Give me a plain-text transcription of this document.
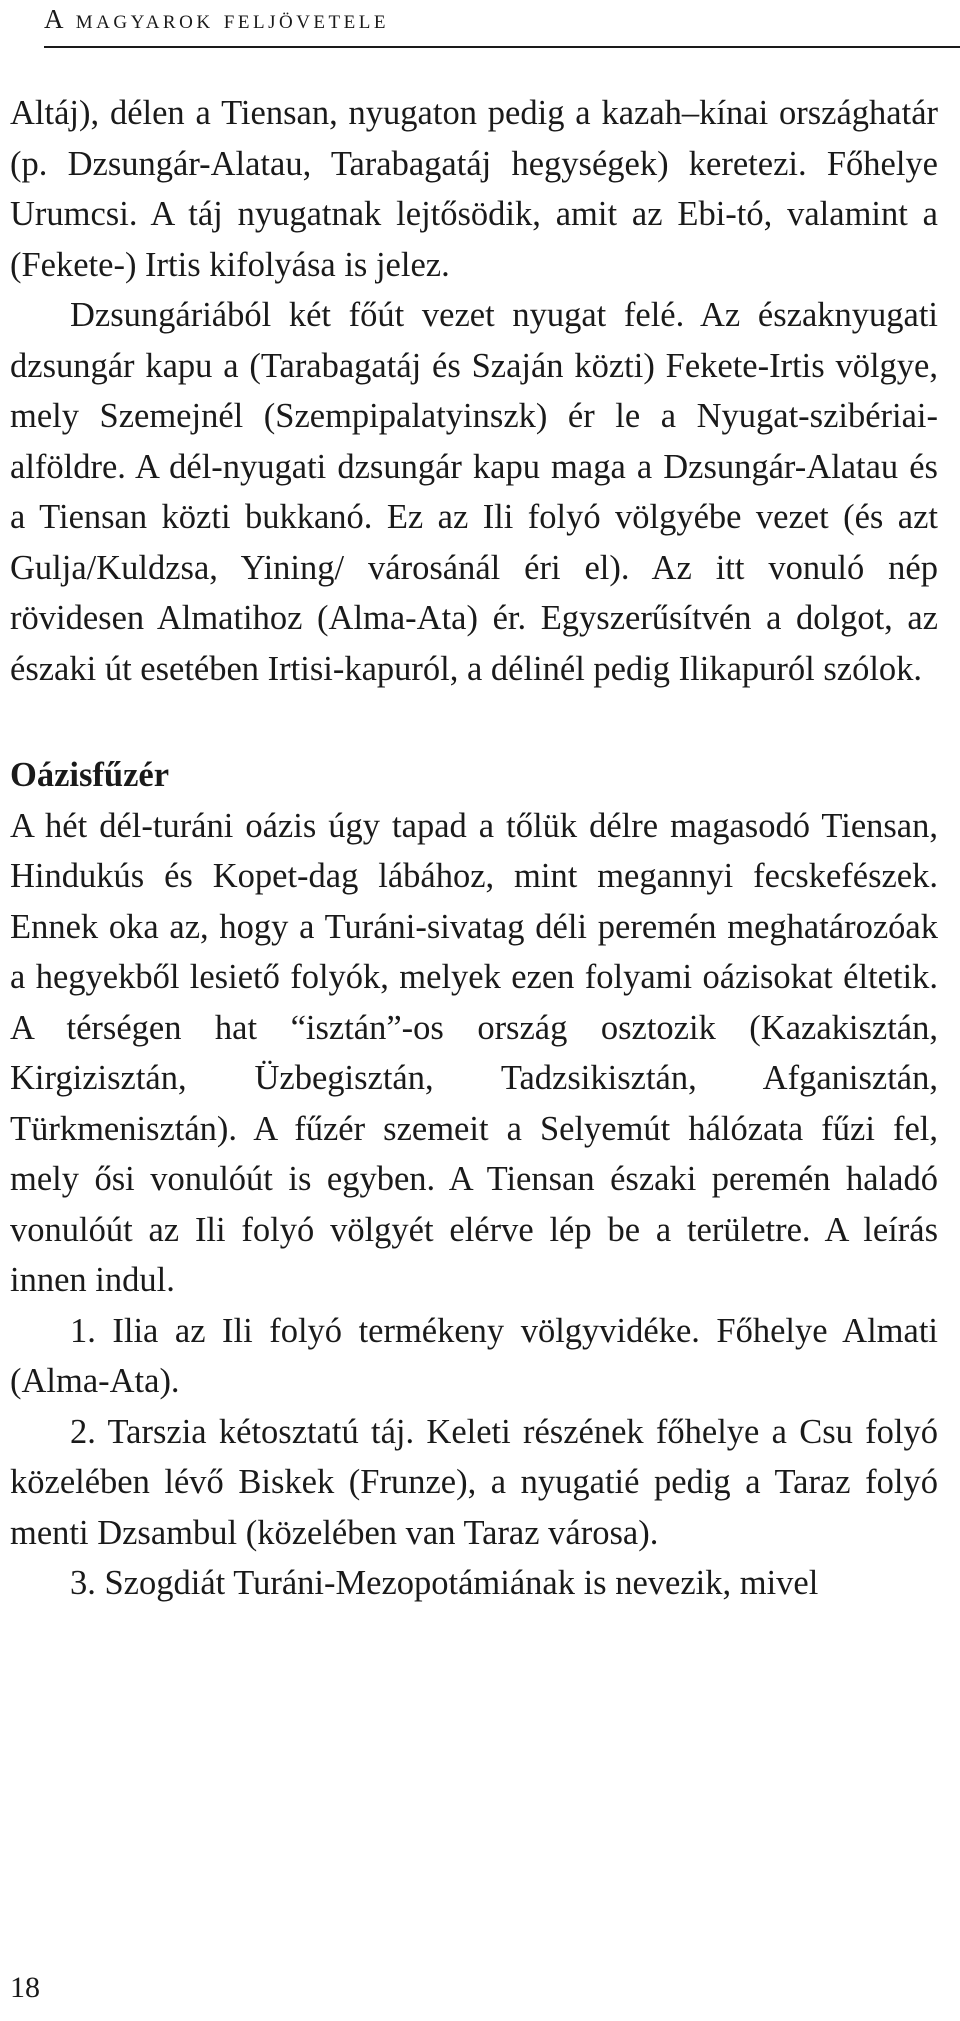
A magyarok feljövetele

Altáj), délen a Tiensan, nyugaton pedig a kazah–kínai országhatár (p. Dzsungár-Alatau, Tarabagatáj hegységek) keretezi. Főhelye Urumcsi. A táj nyugatnak lejtősödik, amit az Ebi-tó, valamint a (Fekete-) Irtis kifolyása is jelez.

Dzsungáriából két főút vezet nyugat felé. Az északnyugati dzsungár kapu a (Tarabagatáj és Szaján közti) Fekete-Irtis völgye, mely Szemejnél (Szempipalatyinszk) ér le a Nyugat-szibériai-alföldre. A dél-nyugati dzsungár kapu maga a Dzsungár-Alatau és a Tiensan közti bukkanó. Ez az Ili folyó völgyébe vezet (és azt Gulja/Kuldzsa, Yining/ városánál éri el). Az itt vonuló nép rövidesen Almatihoz (Alma-Ata) ér. Egyszerűsítvén a dolgot, az északi út esetében Irtisi-kapuról, a délinél pedig Ilikapuról szólok.

Oázisfűzér

A hét dél-turáni oázis úgy tapad a tőlük délre magasodó Tiensan, Hindukús és Kopet-dag lábához, mint megannyi fecskefészek. Ennek oka az, hogy a Turáni-sivatag déli peremén meghatározóak a hegyekből lesiető folyók, melyek ezen folyami oázisokat éltetik. A térségen hat “isztán”-os ország osztozik (Kazakisztán, Kirgizisztán, Üzbegisztán, Tadzsikisztán, Afganisztán, Türkmenisztán). A fűzér szemeit a Selyemút hálózata fűzi fel, mely ősi vonulóút is egyben. A Tiensan északi peremén haladó vonulóút az Ili folyó völgyét elérve lép be a területre. A leírás innen indul.

1. Ilia az Ili folyó termékeny völgyvidéke. Főhelye Almati (Alma-Ata).

2. Tarszia kétosztatú táj. Keleti részének főhelye a Csu folyó közelében lévő Biskek (Frunze), a nyugatié pedig a Taraz folyó menti Dzsambul (közelében van Taraz városa).

3. Szogdiát Turáni-Mezopotámiának is nevezik, mivel

18
